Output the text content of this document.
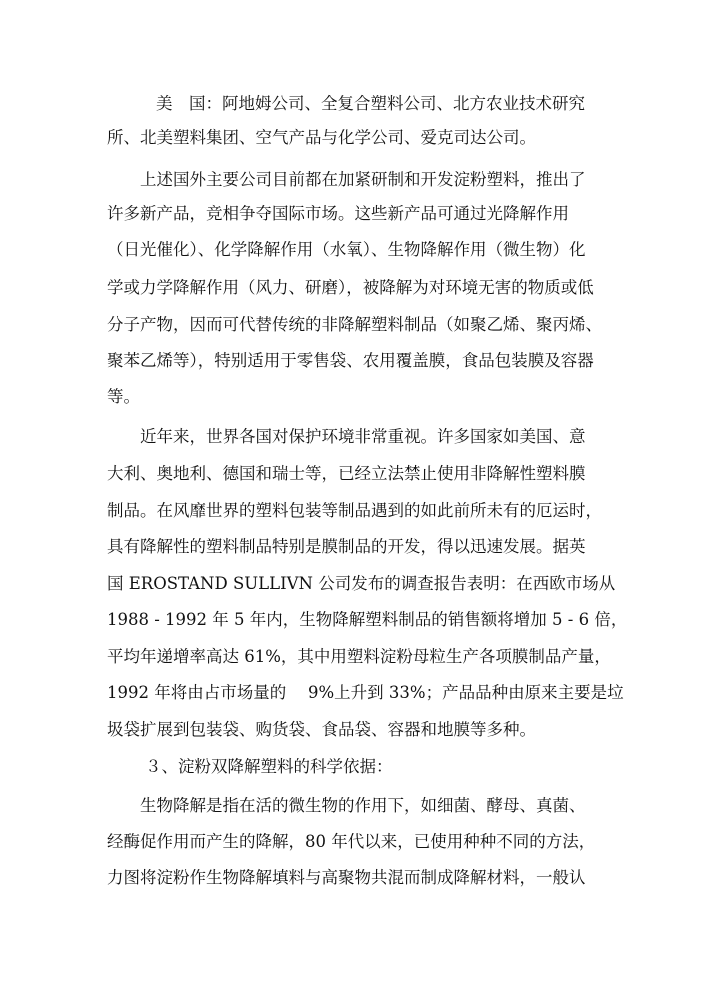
美　国：阿地姆公司、全复合塑料公司、北方农业技术研究
所、北美塑料集团、空气产品与化学公司、爱克司达公司。
上述国外主要公司目前都在加紧研制和开发淀粉塑料，推出了
许多新产品，竞相争夺国际市场。这些新产品可通过光降解作用
（日光催化）、化学降解作用（水氧）、生物降解作用（微生物）化
学或力学降解作用（风力、研磨），被降解为对环境无害的物质或低
分子产物，因而可代替传统的非降解塑料制品（如聚乙烯、聚丙烯、
聚苯乙烯等），特别适用于零售袋、农用覆盖膜，食品包装膜及容器
等。
近年来，世界各国对保护环境非常重视。许多国家如美国、意
大利、奥地利、德国和瑞士等，已经立法禁止使用非降解性塑料膜
制品。在风靡世界的塑料包装等制品遇到的如此前所未有的厄运时，
具有降解性的塑料制品特别是膜制品的开发，得以迅速发展。据英
国 EROSTAND SULLIVN 公司发布的调查报告表明：在西欧市场从
1988 - 1992 年 5 年内，生物降解塑料制品的销售额将增加 5 - 6 倍，
平均年递增率高达 61%，其中用塑料淀粉母粒生产各项膜制品产量，
1992 年将由占市场量的　 9%上升到 33%；产品品种由原来主要是垃
圾袋扩展到包装袋、购货袋、食品袋、容器和地膜等多种。
３、淀粉双降解塑料的科学依据：
生物降解是指在活的微生物的作用下，如细菌、酵母、真菌、
经酶促作用而产生的降解，80 年代以来，已使用种种不同的方法，
力图将淀粉作生物降解填料与高聚物共混而制成降解材料，一般认
